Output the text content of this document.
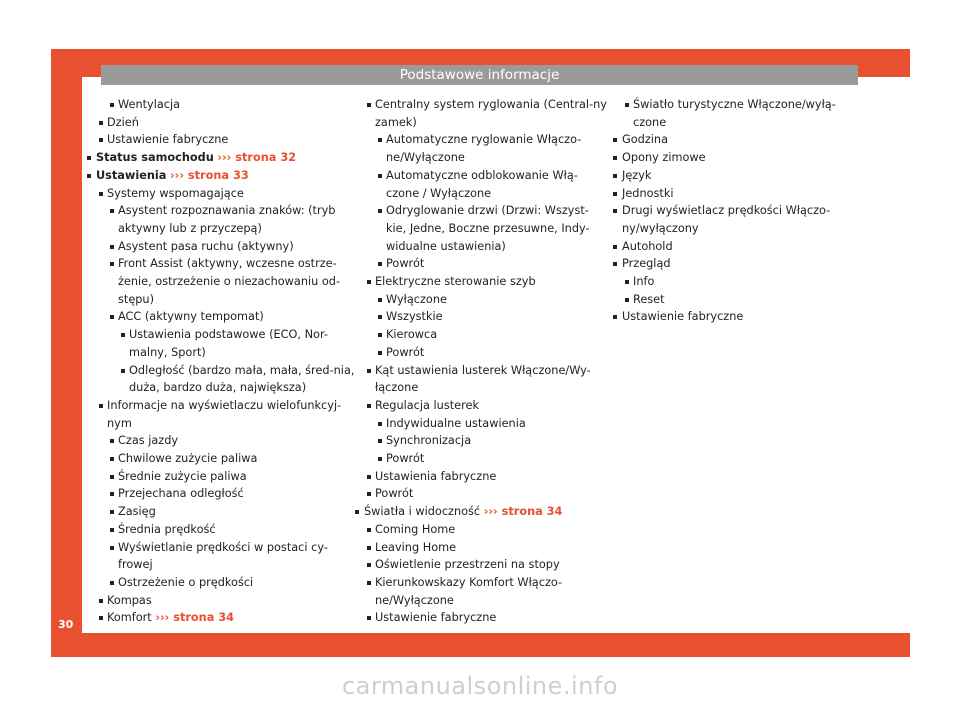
Podstawowe informacje
30
Wentylacja
Dzień
Ustawienie fabryczne
Status samochodu ››› strona 32
Ustawienia ››› strona 33
Systemy wspomagające
Asystent rozpoznawania znaków: (tryb aktywny lub z przyczepą)
Asystent pasa ruchu (aktywny)
Front Assist (aktywny, wczesne ostrze-żenie, ostrzeżenie o niezachowaniu od-stępu)
ACC (aktywny tempomat)
Ustawienia podstawowe (ECO, Nor-malny, Sport)
Odległość (bardzo mała, mała, śred-nia, duża, bardzo duża, największa)
Informacje na wyświetlaczu wielofunkcyj-nym
Czas jazdy
Chwilowe zużycie paliwa
Średnie zużycie paliwa
Przejechana odległość
Zasięg
Średnia prędkość
Wyświetlanie prędkości w postaci cy-frowej
Ostrzeżenie o prędkości
Kompas
Komfort ››› strona 34
Centralny system ryglowania (Central-ny zamek)
Automatyczne ryglowanie Włączo-ne/Wyłączone
Automatyczne odblokowanie Włą-czone / Wyłączone
Odryglowanie drzwi (Drzwi: Wszyst-kie, Jedne, Boczne przesuwne, Indy-widualne ustawienia)
Powrót
Elektryczne sterowanie szyb
Wyłączone
Wszystkie
Kierowca
Powrót
Kąt ustawienia lusterek Włączone/Wy-łączone
Regulacja lusterek
Indywidualne ustawienia
Synchronizacja
Powrót
Ustawienia fabryczne
Powrót
Światła i widoczność ››› strona 34
Coming Home
Leaving Home
Oświetlenie przestrzeni na stopy
Kierunkowskazy Komfort Włączo-ne/Wyłączone
Ustawienie fabryczne
Światło turystyczne Włączone/wyłą-czone
Godzina
Opony zimowe
Język
Jednostki
Drugi wyświetlacz prędkości Włączo-ny/wyłączony
Autohold
Przegląd
Info
Reset
Ustawienie fabryczne
carmanualsonline.info
